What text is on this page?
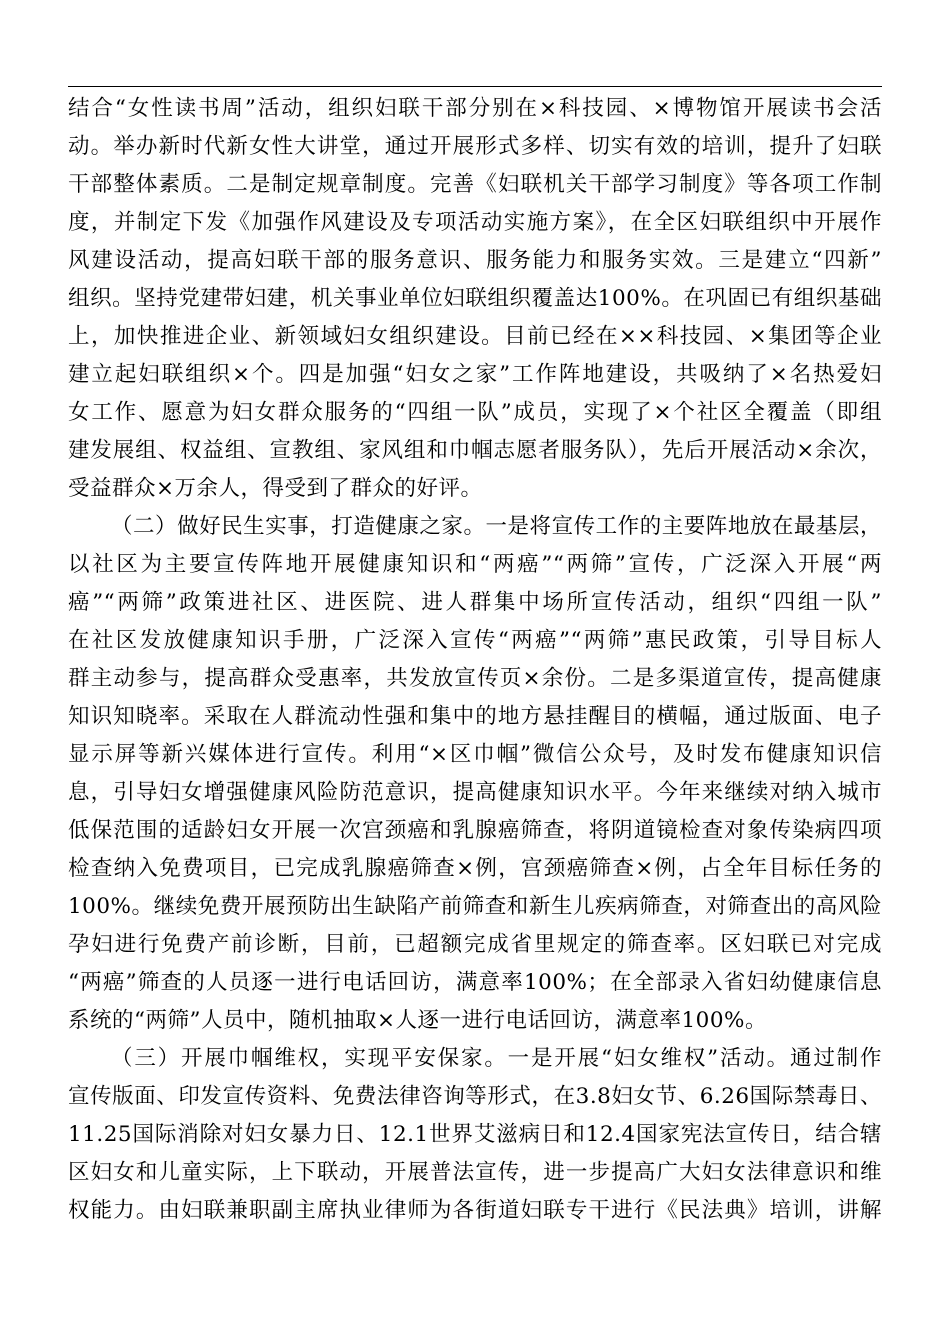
结合“女性读书周”活动，组织妇联干部分别在×科技园、×博物馆开展读书会活
动。举办新时代新女性大讲堂，通过开展形式多样、切实有效的培训，提升了妇联
干部整体素质。二是制定规章制度。完善《妇联机关干部学习制度》等各项工作制
度，并制定下发《加强作风建设及专项活动实施方案》，在全区妇联组织中开展作
风建设活动，提高妇联干部的服务意识、服务能力和服务实效。三是建立“四新”
组织。坚持党建带妇建，机关事业单位妇联组织覆盖达100%。在巩固已有组织基础
上，加快推进企业、新领域妇女组织建设。目前已经在××科技园、×集团等企业
建立起妇联组织×个。四是加强“妇女之家”工作阵地建设，共吸纳了×名热爱妇
女工作、愿意为妇女群众服务的“四组一队”成员，实现了×个社区全覆盖（即组
建发展组、权益组、宣教组、家风组和巾帼志愿者服务队），先后开展活动×余次，
受益群众×万余人，得受到了群众的好评。
（二）做好民生实事，打造健康之家。一是将宣传工作的主要阵地放在最基层，
以社区为主要宣传阵地开展健康知识和“两癌”“两筛”宣传，广泛深入开展“两
癌”“两筛”政策进社区、进医院、进人群集中场所宣传活动，组织“四组一队”
在社区发放健康知识手册，广泛深入宣传“两癌”“两筛”惠民政策，引导目标人
群主动参与，提高群众受惠率，共发放宣传页×余份。二是多渠道宣传，提高健康
知识知晓率。采取在人群流动性强和集中的地方悬挂醒目的横幅，通过版面、电子
显示屏等新兴媒体进行宣传。利用“×区巾帼”微信公众号，及时发布健康知识信
息，引导妇女增强健康风险防范意识，提高健康知识水平。今年来继续对纳入城市
低保范围的适龄妇女开展一次宫颈癌和乳腺癌筛查，将阴道镜检查对象传染病四项
检查纳入免费项目，已完成乳腺癌筛查×例，宫颈癌筛查×例，占全年目标任务的
100%。继续免费开展预防出生缺陷产前筛查和新生儿疾病筛查，对筛查出的高风险
孕妇进行免费产前诊断，目前，已超额完成省里规定的筛查率。区妇联已对完成
“两癌”筛查的人员逐一进行电话回访，满意率100%；在全部录入省妇幼健康信息
系统的“两筛”人员中，随机抽取×人逐一进行电话回访，满意率100%。
（三）开展巾帼维权，实现平安保家。一是开展“妇女维权”活动。通过制作
宣传版面、印发宣传资料、免费法律咨询等形式，在3.8妇女节、6.26国际禁毒日、
11.25国际消除对妇女暴力日、12.1世界艾滋病日和12.4国家宪法宣传日，结合辖
区妇女和儿童实际，上下联动，开展普法宣传，进一步提高广大妇女法律意识和维
权能力。由妇联兼职副主席执业律师为各街道妇联专干进行《民法典》培训，讲解
